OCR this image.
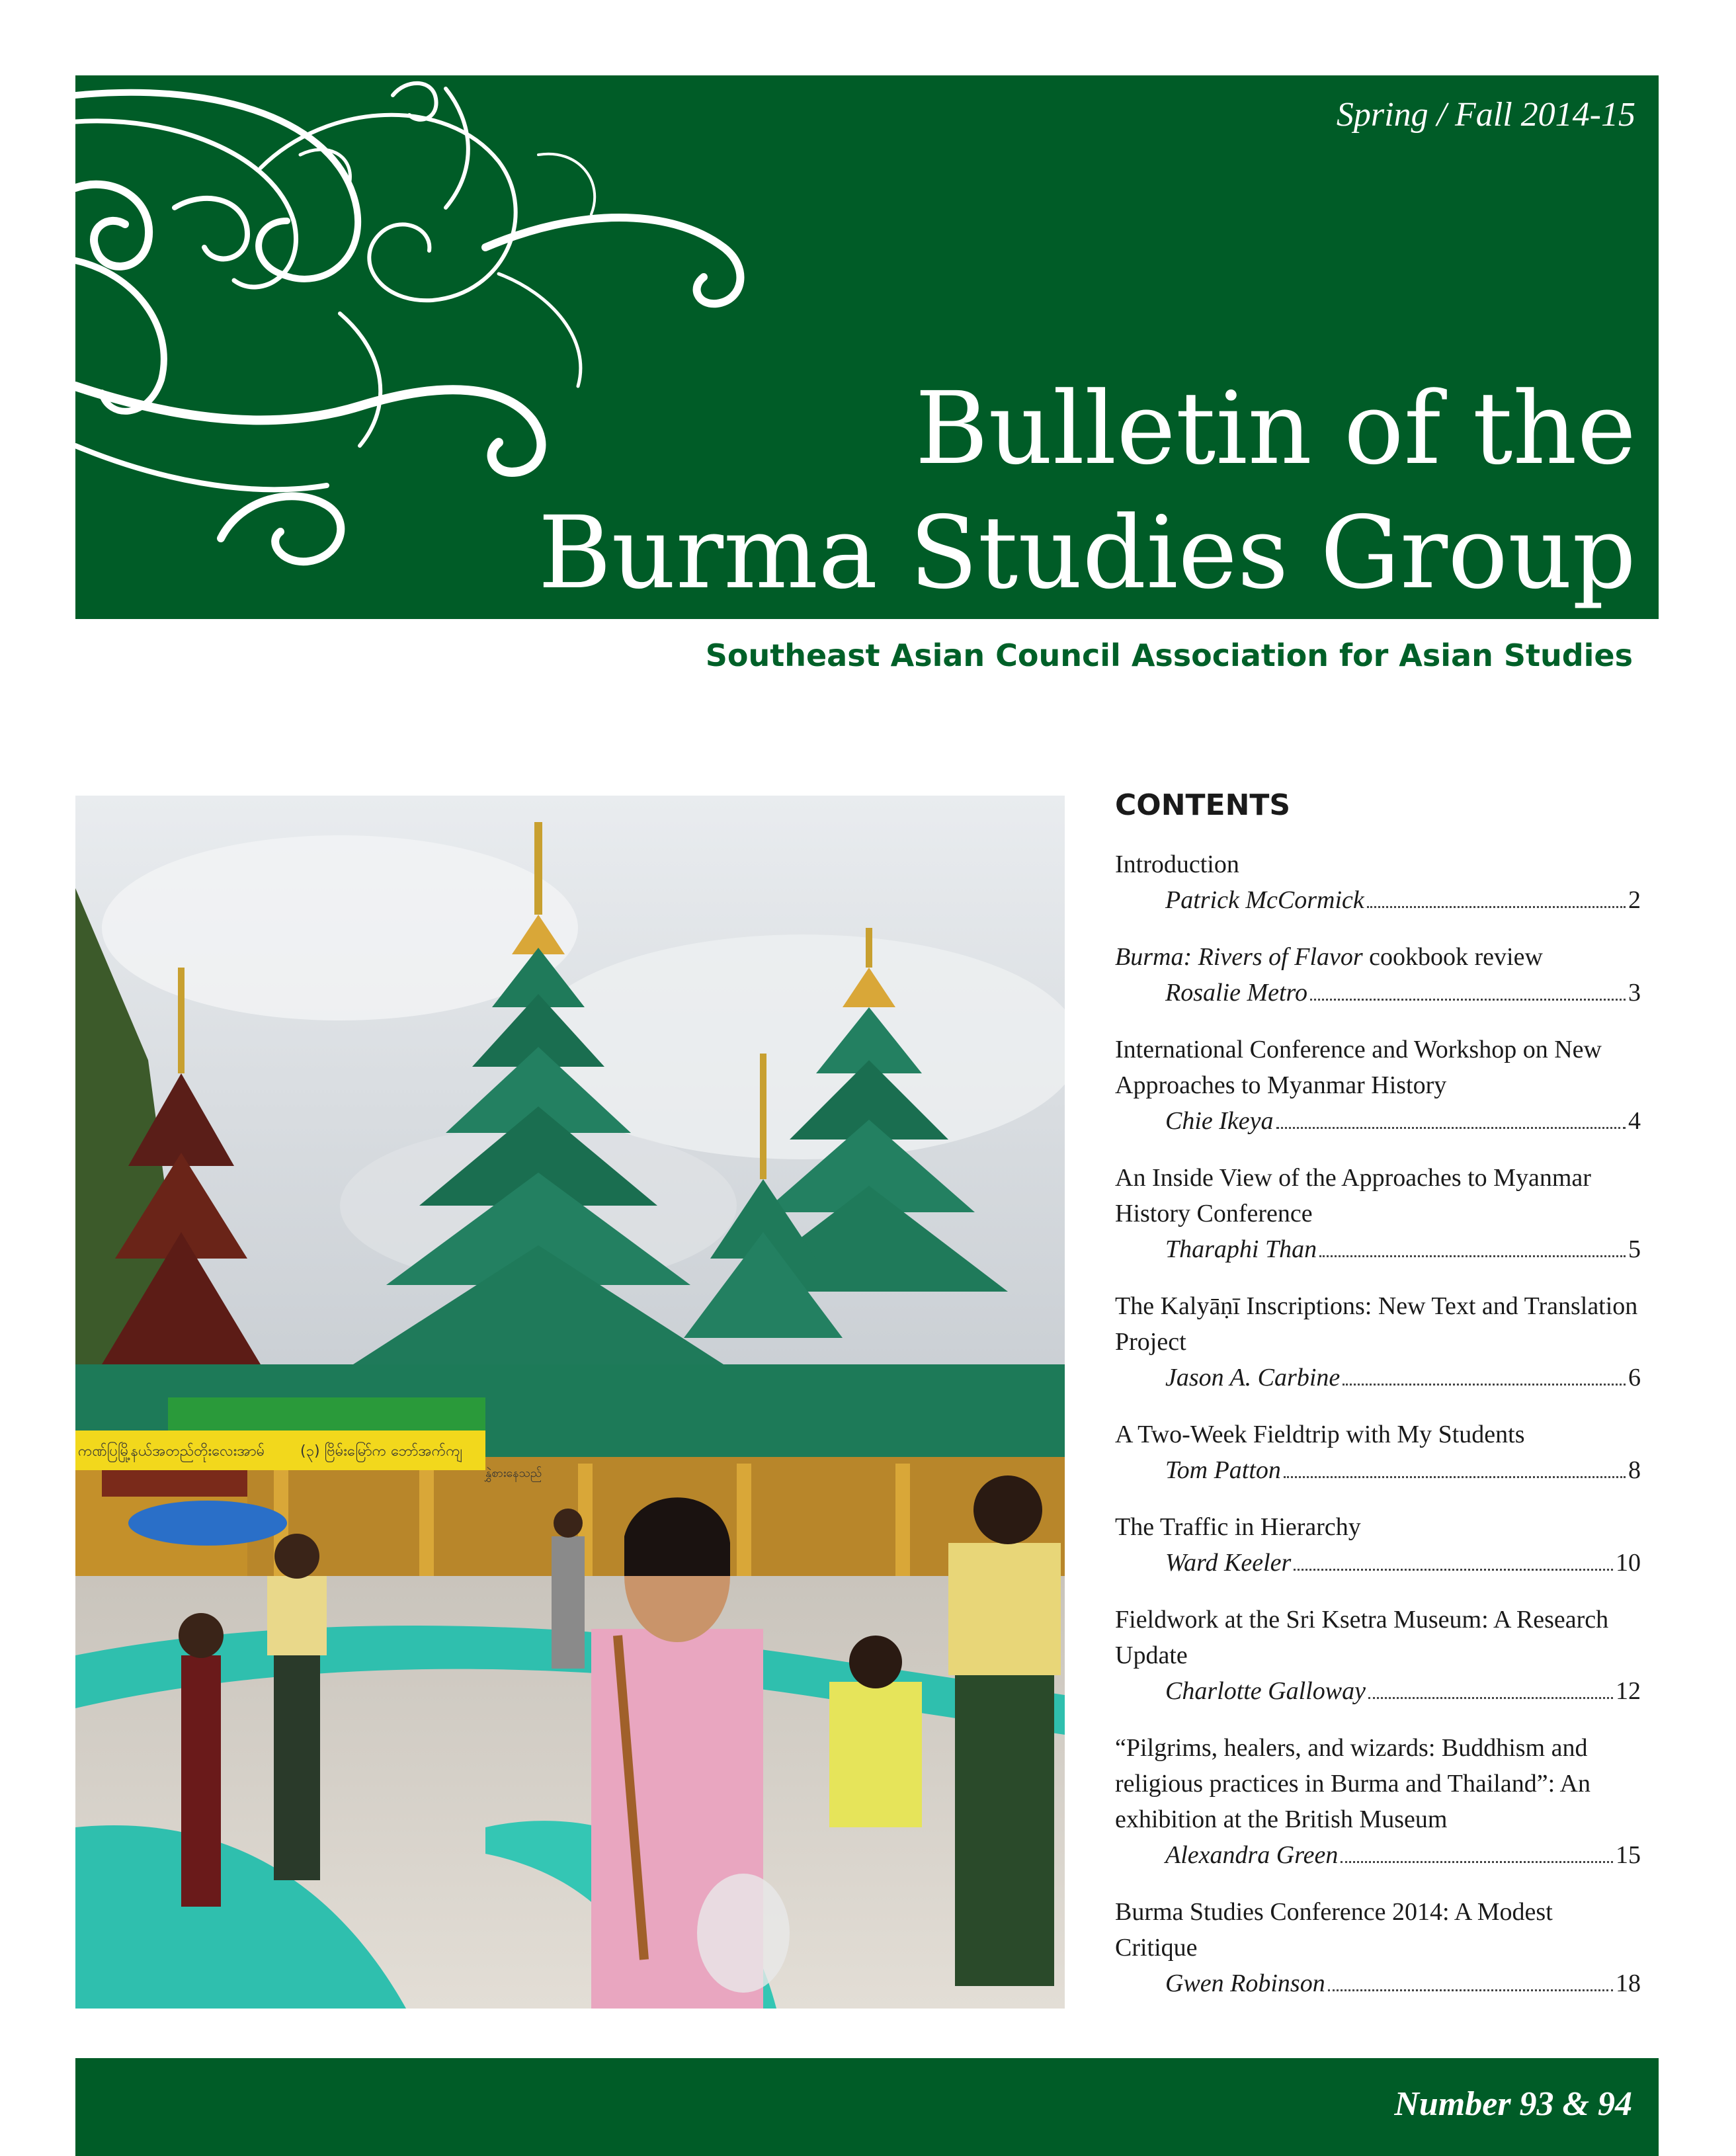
Spring / Fall 2014-15
Bulletin of the
Burma Studies Group
Southeast Asian Council Association for Asian Studies
ကဏ်ပြမြို့နယ်အတည်တိုးလေးအာမ် (၃) ဗြိမ်းမြော်က ဘော်အက်ကျ
နွှဲစားနေသည်
CONTENTS
Introduction
Patrick McCormick	2
Burma: Rivers of Flavor cookbook review
Rosalie Metro	3
International Conference and Workshop on New Approaches to Myanmar History
Chie Ikeya	4
An Inside View of the Approaches to Myanmar History Conference
Tharaphi Than	5
The Kalyāṇī Inscriptions: New Text and Translation Project
Jason A. Carbine	6
A Two-Week Fieldtrip with My Students
Tom Patton	8
The Traffic in Hierarchy
Ward Keeler	10
Fieldwork at the Sri Ksetra Museum: A Research Update
Charlotte Galloway	12
“Pilgrims, healers, and wizards: Buddhism and religious practices in Burma and Thailand”: An exhibition at the British Museum
Alexandra Green	15
Burma Studies Conference 2014: A Modest Critique
Gwen Robinson	18
Number 93 & 94
